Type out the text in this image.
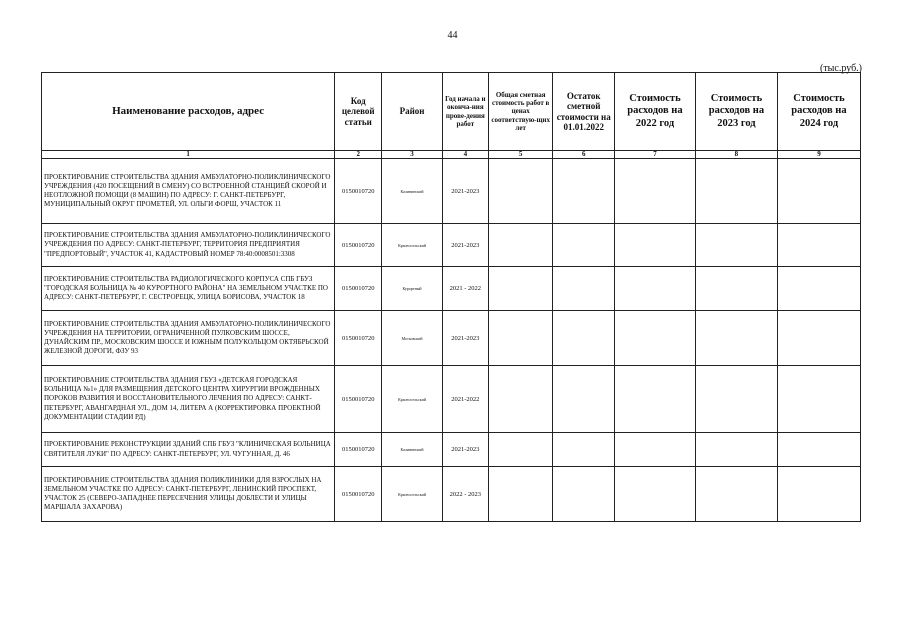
44
(тыс.руб.)
Наименование расходов, адрес	Код целевой статьи	Район	Год начала и оконча-ния прове-дения работ	Общая сметная стоимость работ в ценах соответствую-щих лет	Остаток сметной стоимости на 01.01.2022	Стоимость расходов на 2022 год	Стоимость расходов на 2023 год	Стоимость расходов на 2024 год
1	2	3	4	5	6	7	8	9
ПРОЕКТИРОВАНИЕ СТРОИТЕЛЬСТВА ЗДАНИЯ АМБУЛАТОРНО-ПОЛИКЛИНИЧЕСКОГО УЧРЕЖДЕНИЯ (420 ПОСЕЩЕНИЙ В СМЕНУ) СО ВСТРОЕННОЙ СТАНЦИЕЙ СКОРОЙ И НЕОТЛОЖНОЙ ПОМОЩИ (8 МАШИН) ПО АДРЕСУ: Г. САНКТ-ПЕТЕРБУРГ, МУНИЦИПАЛЬНЫЙ ОКРУГ ПРОМЕТЕЙ, УЛ. ОЛЬГИ ФОРШ, УЧАСТОК 11	0150010720	Калининский	2021-2023					
ПРОЕКТИРОВАНИЕ СТРОИТЕЛЬСТВА ЗДАНИЯ АМБУЛАТОРНО-ПОЛИКЛИНИЧЕСКОГО УЧРЕЖДЕНИЯ ПО АДРЕСУ: САНКТ-ПЕТЕРБУРГ, ТЕРРИТОРИЯ ПРЕДПРИЯТИЯ "ПРЕДПОРТОВЫЙ", УЧАСТОК 41, КАДАСТРОВЫЙ НОМЕР 78:40:0008501:3308	0150010720	Красносельский	2021-2023					
ПРОЕКТИРОВАНИЕ СТРОИТЕЛЬСТВА РАДИОЛОГИЧЕСКОГО КОРПУСА СПБ ГБУЗ "ГОРОДСКАЯ БОЛЬНИЦА № 40 КУРОРТНОГО РАЙОНА" НА ЗЕМЕЛЬНОМ УЧАСТКЕ ПО АДРЕСУ: САНКТ-ПЕТЕРБУРГ, Г. СЕСТРОРЕЦК, УЛИЦА БОРИСОВА, УЧАСТОК 18	0150010720	Курортный	2021 - 2022					
ПРОЕКТИРОВАНИЕ СТРОИТЕЛЬСТВА ЗДАНИЯ АМБУЛАТОРНО-ПОЛИКЛИНИЧЕСКОГО УЧРЕЖДЕНИЯ НА ТЕРРИТОРИИ, ОГРАНИЧЕННОЙ ПУЛКОВСКИМ ШОССЕ, ДУНАЙСКИМ ПР., МОСКОВСКИМ ШОССЕ И ЮЖНЫМ ПОЛУКОЛЬЦОМ ОКТЯБРЬСКОЙ ЖЕЛЕЗНОЙ ДОРОГИ, ФЗУ 93	0150010720	Московский	2021-2023					
ПРОЕКТИРОВАНИЕ СТРОИТЕЛЬСТВА ЗДАНИЯ ГБУЗ «ДЕТСКАЯ ГОРОДСКАЯ БОЛЬНИЦА №1» ДЛЯ РАЗМЕЩЕНИЯ ДЕТСКОГО ЦЕНТРА ХИРУРГИИ ВРОЖДЕННЫХ ПОРОКОВ РАЗВИТИЯ И ВОССТАНОВИТЕЛЬНОГО ЛЕЧЕНИЯ ПО АДРЕСУ: САНКТ-ПЕТЕРБУРГ, АВАНГАРДНАЯ УЛ., ДОМ 14, ЛИТЕРА А (КОРРЕКТИРОВКА ПРОЕКТНОЙ ДОКУМЕНТАЦИИ СТАДИИ РД)	0150010720	Красносельский	2021-2022					
ПРОЕКТИРОВАНИЕ РЕКОНСТРУКЦИИ ЗДАНИЙ СПБ ГБУЗ "КЛИНИЧЕСКАЯ БОЛЬНИЦА СВЯТИТЕЛЯ ЛУКИ" ПО АДРЕСУ: САНКТ-ПЕТЕРБУРГ, УЛ. ЧУГУННАЯ, Д. 46	0150010720	Калининский	2021-2023					
ПРОЕКТИРОВАНИЕ СТРОИТЕЛЬСТВА ЗДАНИЯ ПОЛИКЛИНИКИ ДЛЯ ВЗРОСЛЫХ НА ЗЕМЕЛЬНОМ УЧАСТКЕ ПО АДРЕСУ: САНКТ-ПЕТЕРБУРГ, ЛЕНИНСКИЙ ПРОСПЕКТ, УЧАСТОК 25 (СЕВЕРО-ЗАПАДНЕЕ ПЕРЕСЕЧЕНИЯ УЛИЦЫ ДОБЛЕСТИ И УЛИЦЫ МАРШАЛА ЗАХАРОВА)	0150010720	Красносельский	2022 - 2023					
